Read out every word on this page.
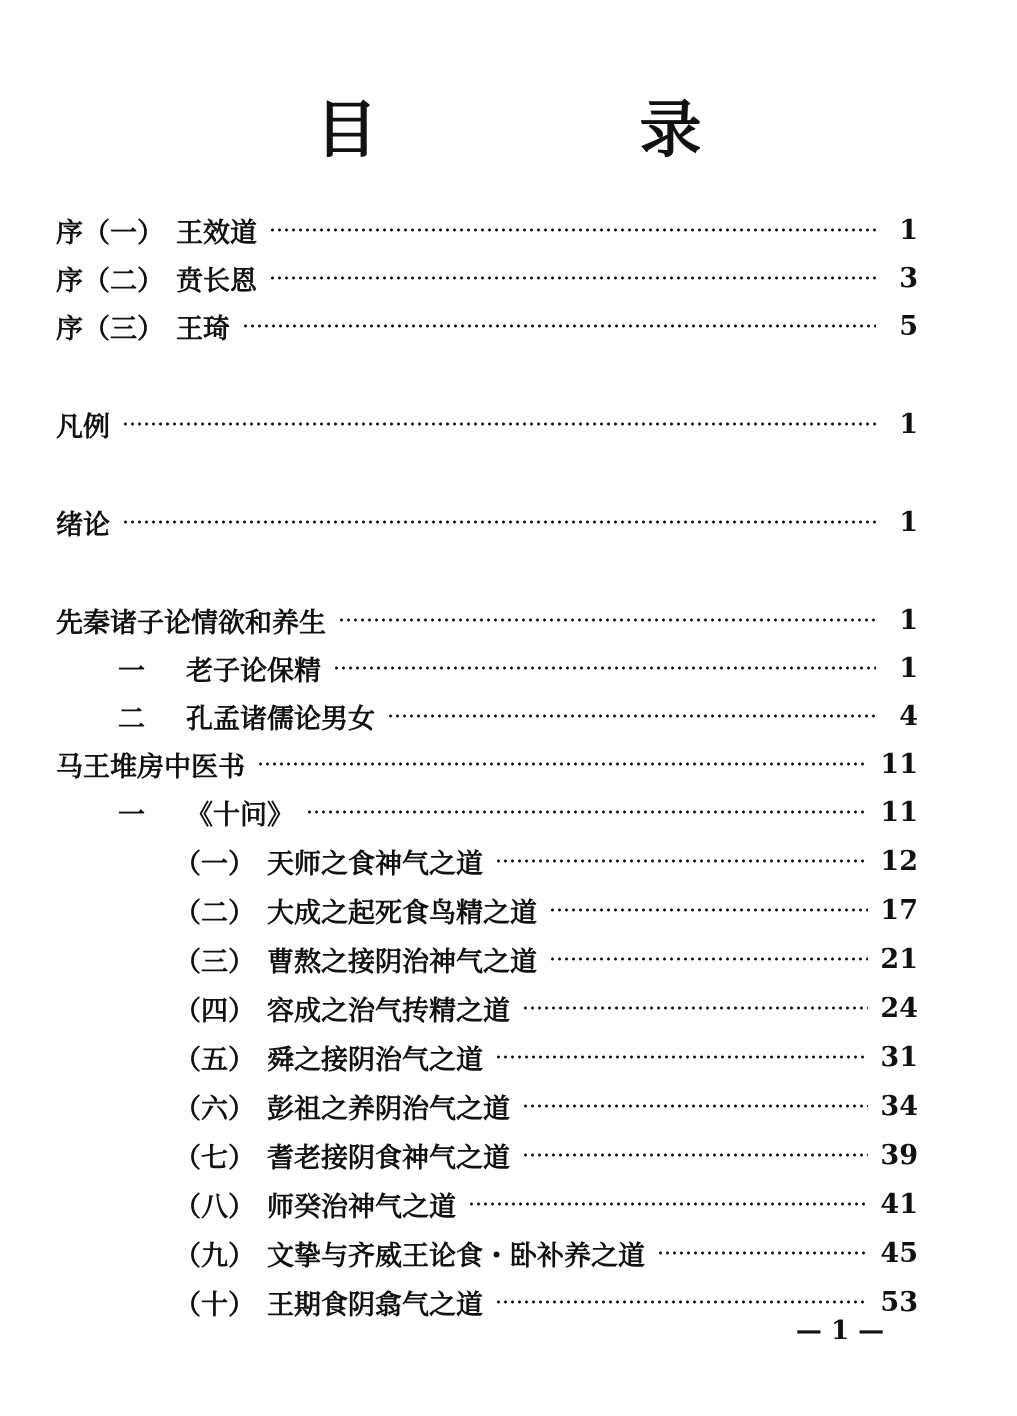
目　录
序（一） 王效道	1
序（二） 贲长恩	3
序（三） 王琦	5
凡例	1
绪论	1
先秦诸子论情欲和养生	1
一 老子论保精	1
二 孔孟诸儒论男女	4
马王堆房中医书	11
一 《十问》	11
（一） 天师之食神气之道	12
（二） 大成之起死食鸟精之道	17
（三） 曹熬之接阴治神气之道	21
（四） 容成之治气抟精之道	24
（五） 舜之接阴治气之道	31
（六） 彭祖之养阴治气之道	34
（七） 耆老接阴食神气之道	39
（八） 师癸治神气之道	41
（九） 文挚与齐威王论食・卧补养之道	45
（十） 王期食阴翕气之道	53
— 1 —
